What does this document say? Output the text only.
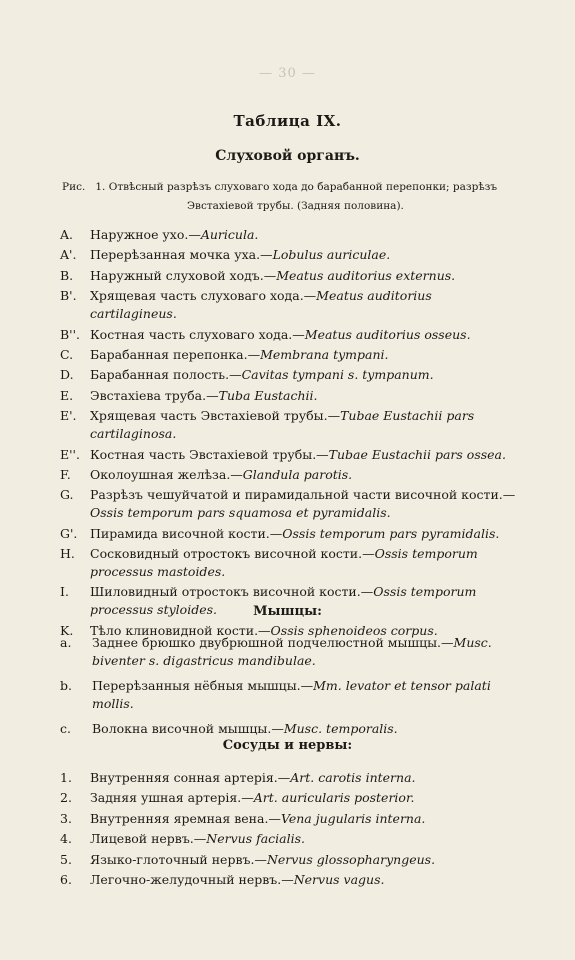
— 30 —
Таблица IX.
Слуховой органъ.
Рис. 1. Отвѣсный разрѣзъ слуховаго хода до барабанной перепонки; разрѣзъ
Эвстахіевой трубы. (Задняя половина).
A. Наружное ухо.—Auricula.
A'. Перерѣзанная мочка уха.—Lobulus auriculae.
B. Наружный слуховой ходъ.—Meatus auditorius externus.
B'. Хрящевая часть слуховаго хода.—Meatus auditorius cartilagineus.
B''. Костная часть слуховаго хода.—Meatus auditorius osseus.
C. Барабанная перепонка.—Membrana tympani.
D. Барабанная полость.—Cavitas tympani s. tympanum.
E. Эвстахіева труба.—Tuba Eustachii.
E'. Хрящевая часть Эвстахіевой трубы.—Tubae Eustachii pars cartilaginosa.
E''. Костная часть Эвстахіевой трубы.—Tubae Eustachii pars ossea.
F. Околоушная желѣза.—Glandula parotis.
G. Разрѣзъ чешуйчатой и пирамидальной части височной кости.—Ossis temporum pars squamosa et pyramidalis.
G'. Пирамида височной кости.—Ossis temporum pars pyramidalis.
H. Сосковидный отростокъ височной кости.—Ossis temporum processus mastoides.
I. Шиловидный отростокъ височной кости.—Ossis temporum processus styloides.
K. Тѣло клиновидной кости.—Ossis sphenoideos corpus.
Мышцы:
a. Заднее брюшко двубрюшной подчелюстной мышцы.—Musc. biventer s. digastricus mandibulae.
b. Перерѣзанныя нёбныя мышцы.—Mm. levator et tensor palati mollis.
c. Волокна височной мышцы.—Musc. temporalis.
Сосуды и нервы:
1. Внутренняя сонная артерія.—Art. carotis interna.
2. Задняя ушная артерія.—Art. auricularis posterior.
3. Внутренняя яремная вена.—Vena jugularis interna.
4. Лицевой нервъ.—Nervus facialis.
5. Языко-глоточный нервъ.—Nervus glossopharyngeus.
6. Легочно-желудочный нервъ.—Nervus vagus.
